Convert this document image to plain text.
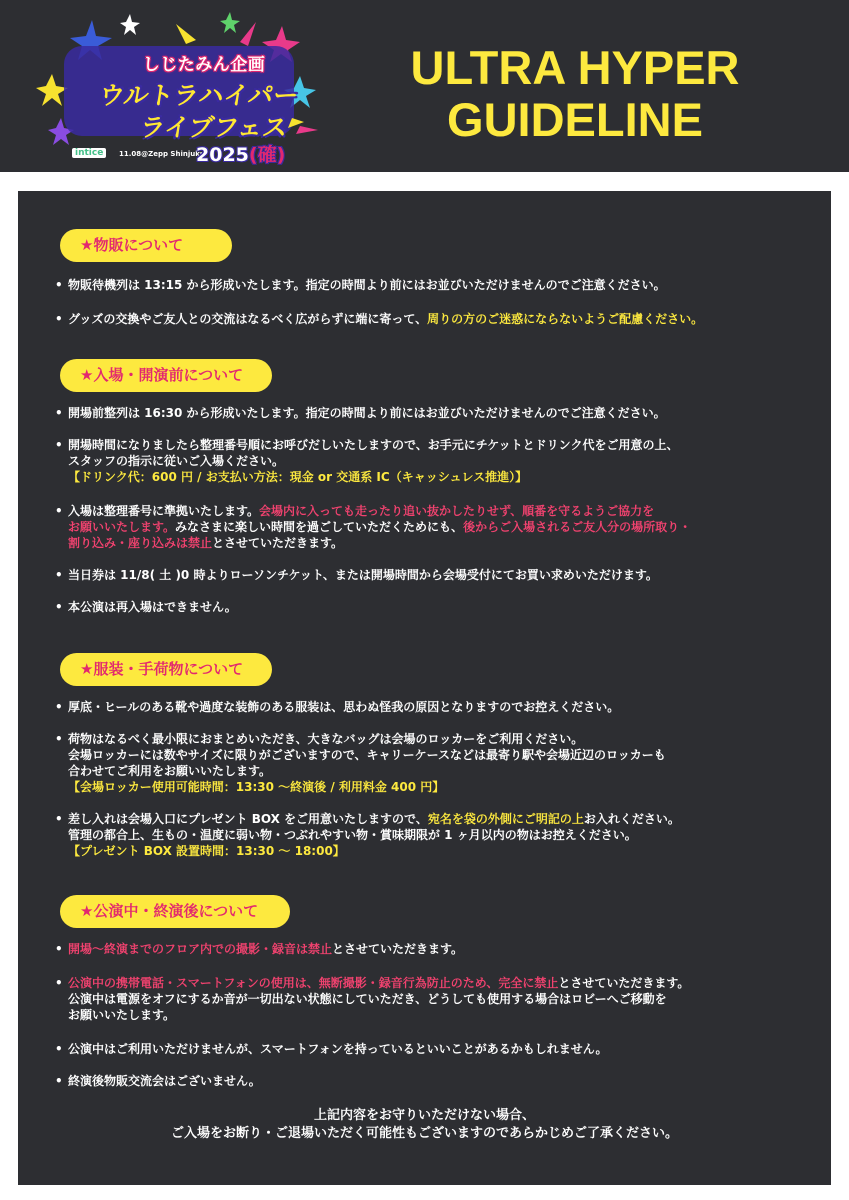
しじたみん企画
ウルトラハイパー
ライブフェス
intice	11.08@Zepp Shinjuku
2025(確)
ULTRA HYPER
GUIDELINE
★物販について
• 物販待機列は 13:15 から形成いたします。指定の時間より前にはお並びいただけませんのでご注意ください。
• グッズの交換やご友人との交流はなるべく広がらずに端に寄って、周りの方のご迷惑にならないようご配慮ください。
★入場・開演前について
• 開場前整列は 16:30 から形成いたします。指定の時間より前にはお並びいただけませんのでご注意ください。
• 開場時間になりましたら整理番号順にお呼びだしいたしますので、お手元にチケットとドリンク代をご用意の上、
スタッフの指示に従いご入場ください。
【ドリンク代：600 円 / お支払い方法：現金 or 交通系 IC（キャッシュレス推進）】
• 入場は整理番号に準拠いたします。会場内に入っても走ったり追い抜かしたりせず、順番を守るようご協力を
お願いいたします。みなさまに楽しい時間を過ごしていただくためにも、後からご入場されるご友人分の場所取り・
割り込み・座り込みは禁止とさせていただきます。
• 当日券は 11/8( 土 )0 時よりローソンチケット、または開場時間から会場受付にてお買い求めいただけます。
• 本公演は再入場はできません。
★服装・手荷物について
• 厚底・ヒールのある靴や過度な装飾のある服装は、思わぬ怪我の原因となりますのでお控えください。
• 荷物はなるべく最小限におまとめいただき、大きなバッグは会場のロッカーをご利用ください。
会場ロッカーには数やサイズに限りがございますので、キャリーケースなどは最寄り駅や会場近辺のロッカーも
合わせてご利用をお願いいたします。
【会場ロッカー使用可能時間：13:30 ～終演後 / 利用料金 400 円】
• 差し入れは会場入口にプレゼント BOX をご用意いたしますので、宛名を袋の外側にご明記の上お入れください。
管理の都合上、生もの・温度に弱い物・つぶれやすい物・賞味期限が 1 ヶ月以内の物はお控えください。
【プレゼント BOX 設置時間：13:30 ～ 18:00】
★公演中・終演後について
• 開場～終演までのフロア内での撮影・録音は禁止とさせていただきます。
• 公演中の携帯電話・スマートフォンの使用は、無断撮影・録音行為防止のため、完全に禁止とさせていただきます。
公演中は電源をオフにするか音が一切出ない状態にしていただき、どうしても使用する場合はロビーへご移動を
お願いいたします。
• 公演中はご利用いただけませんが、スマートフォンを持っているといいことがあるかもしれません。
• 終演後物販交流会はございません。
上記内容をお守りいただけない場合、
ご入場をお断り・ご退場いただく可能性もございますのであらかじめご了承ください。
